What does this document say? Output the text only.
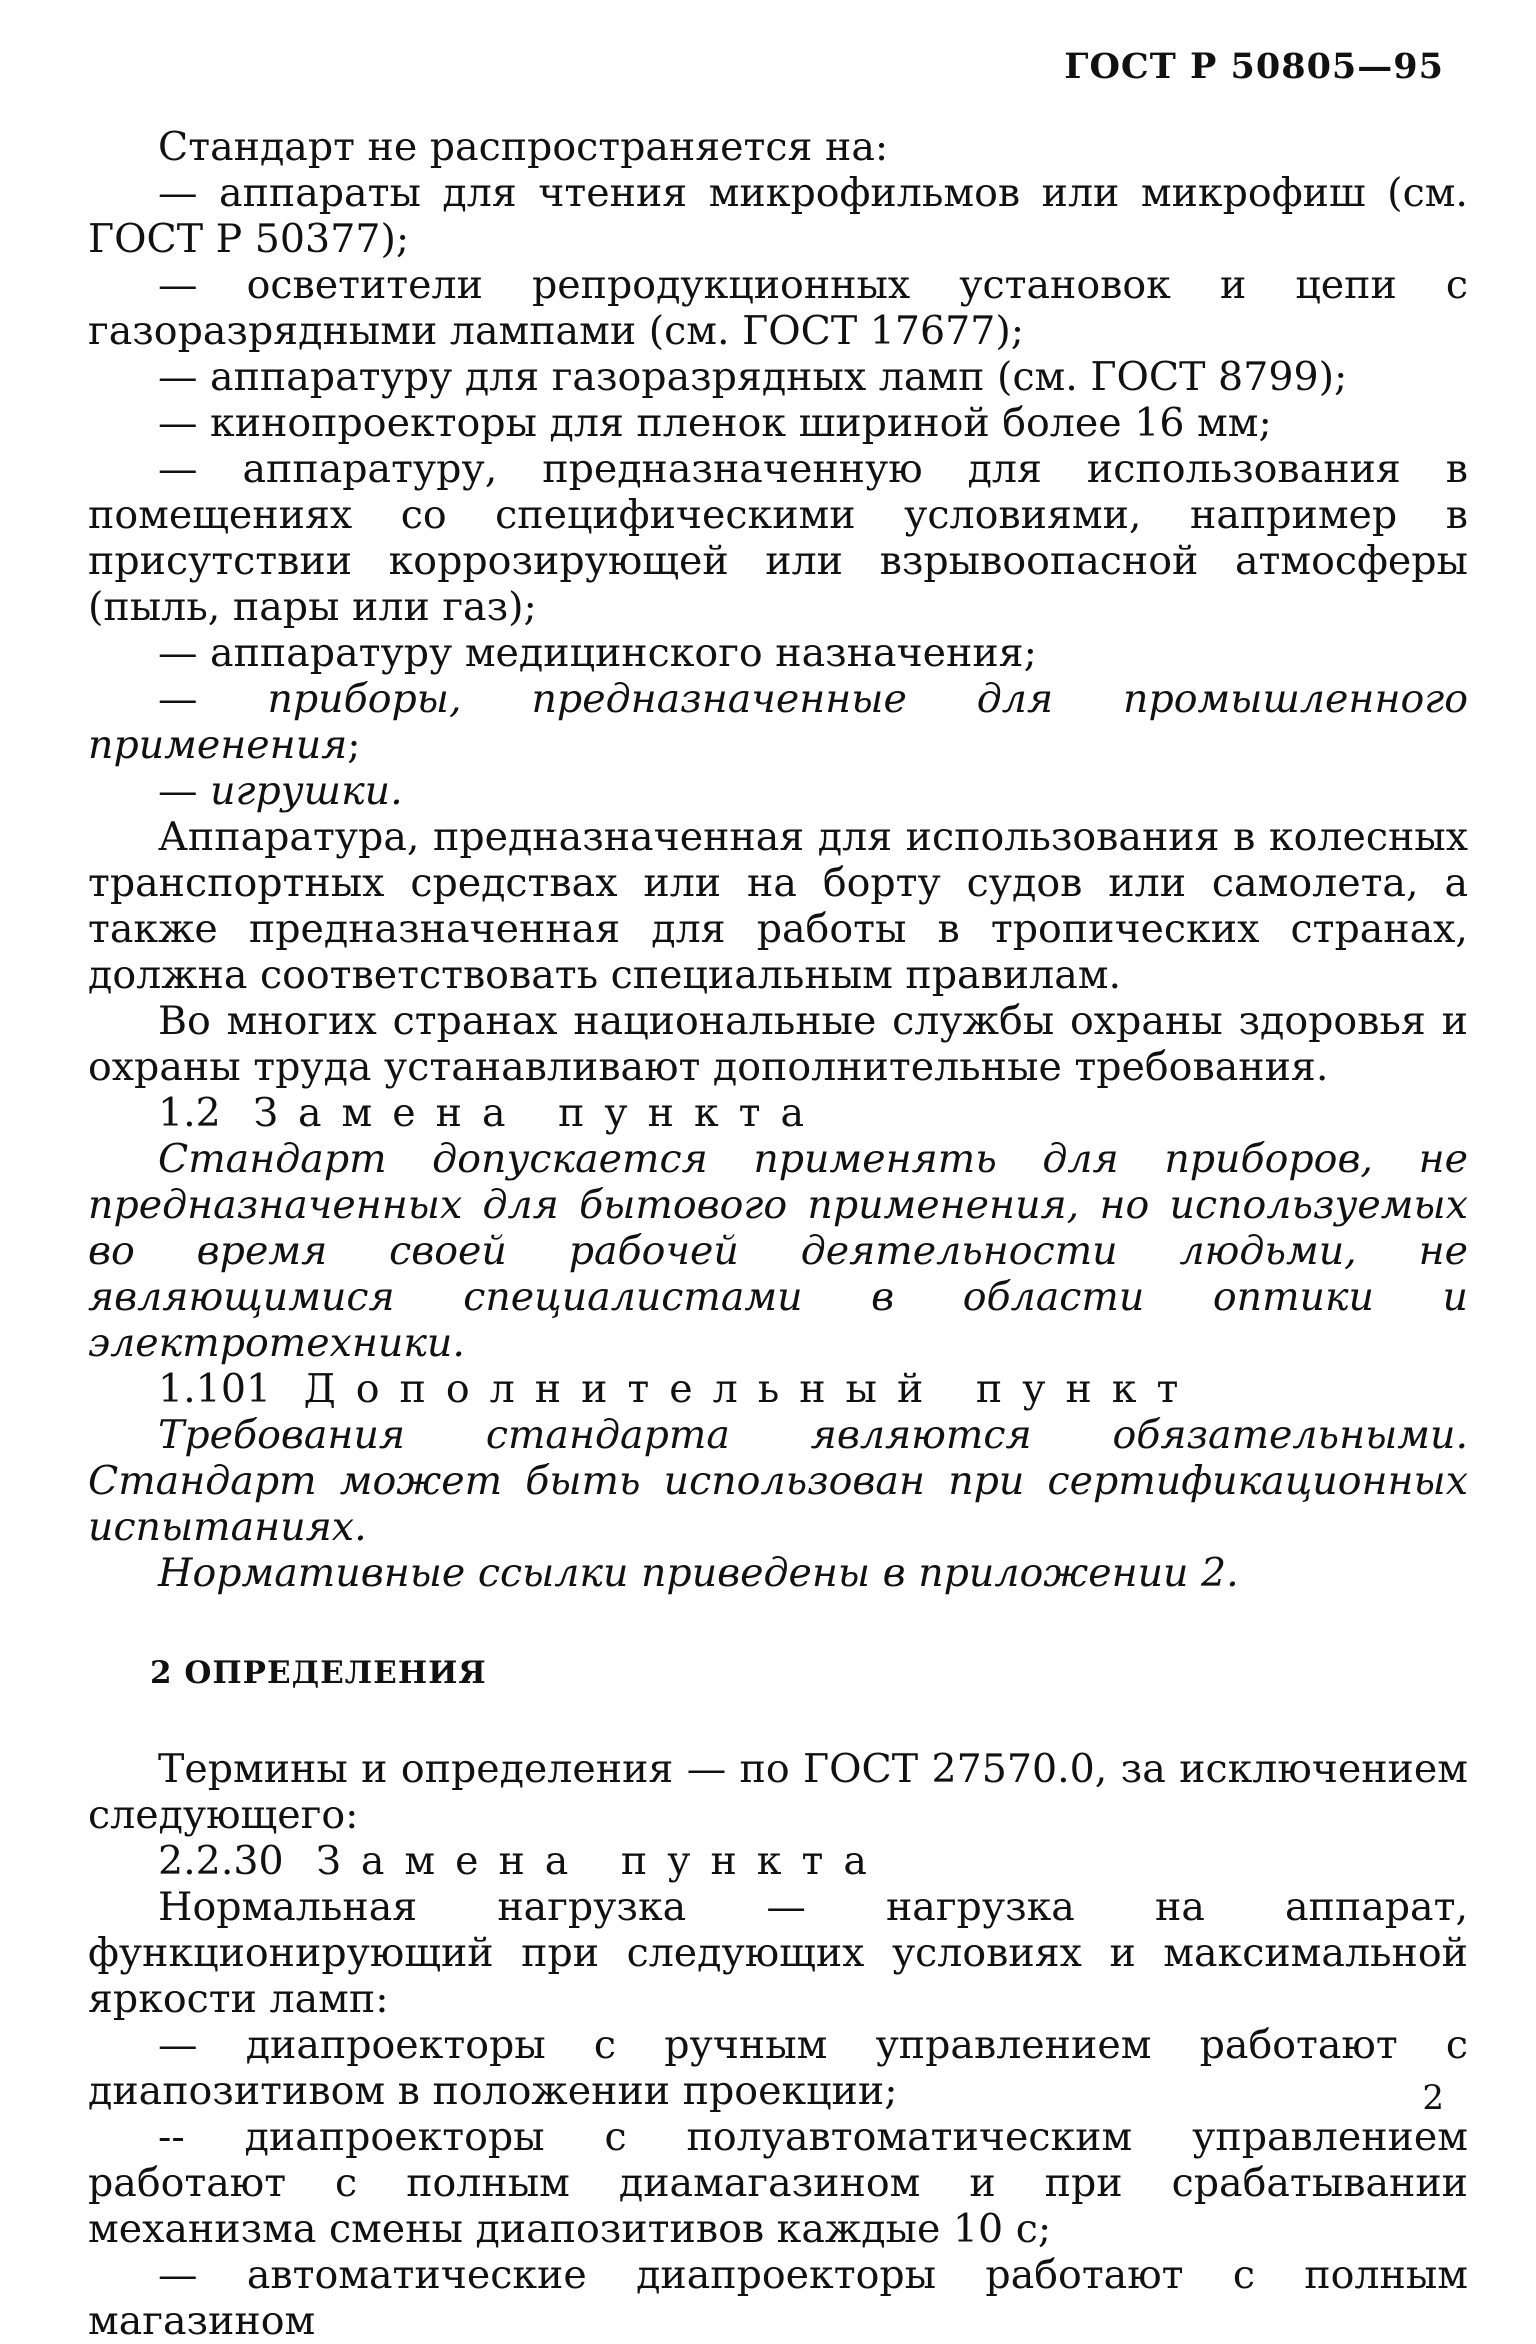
ГОСТ Р 50805—95

Стандарт не распространяется на:

— аппараты для чтения микрофильмов или микрофиш (см. ГОСТ Р 50377);

— осветители репродукционных установок и цепи с газоразрядными лампами (см. ГОСТ 17677);

— аппаратуру для газоразрядных ламп (см. ГОСТ 8799);

— кинопроекторы для пленок шириной более 16 мм;

— аппаратуру, предназначенную для использования в помещениях со специфическими условиями, например в присутствии коррозирующей или взрывоопасной атмосферы (пыль, пары или газ);

— аппаратуру медицинского назначения;

— приборы, предназначенные для промышленного применения;

— игрушки.

Аппаратура, предназначенная для использования в колесных транспортных средствах или на борту судов или самолета, а также предназначенная для работы в тропических странах, должна соответствовать специальным правилам.

Во многих странах национальные службы охраны здоровья и охраны труда устанавливают дополнительные требования.

1.2 Замена пункта

Стандарт допускается применять для приборов, не предназначенных для бытового применения, но используемых во время своей рабочей деятельности людьми, не являющимися специалистами в области оптики и электротехники.

1.101 Дополнительный пункт

Требования стандарта являются обязательными. Стандарт может быть использован при сертификационных испытаниях.

Нормативные ссылки приведены в приложении 2.

2 ОПРЕДЕЛЕНИЯ

Термины и определения — по ГОСТ 27570.0, за исключением следующего:

2.2.30 Замена пункта

Нормальная нагрузка — нагрузка на аппарат, функционирующий при следующих условиях и максимальной яркости ламп:

— диапроекторы с ручным управлением работают с диапозитивом в положении проекции;

-- диапроекторы с полуавтоматическим управлением работают с полным диамагазином и при срабатывании механизма смены диапозитивов каждые 10 с;

— автоматические диапроекторы работают с полным магазином

2
